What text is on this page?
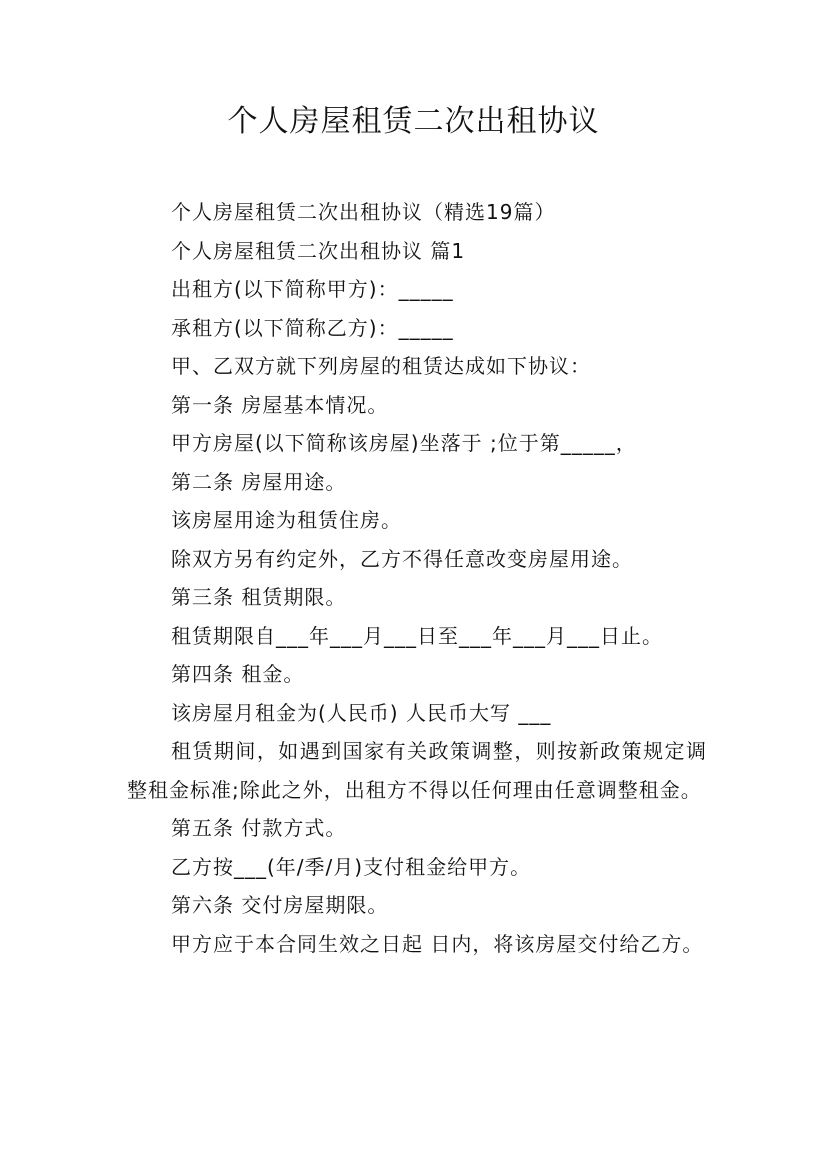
个人房屋租赁二次出租协议

个人房屋租赁二次出租协议（精选19篇）

个人房屋租赁二次出租协议 篇1

出租方(以下简称甲方)：_____

承租方(以下简称乙方)：_____

甲、乙双方就下列房屋的租赁达成如下协议：

第一条 房屋基本情况。

甲方房屋(以下简称该房屋)坐落于 ;位于第_____，

第二条 房屋用途。

该房屋用途为租赁住房。

除双方另有约定外，乙方不得任意改变房屋用途。

第三条 租赁期限。

租赁期限自___年___月___日至___年___月___日止。

第四条 租金。

该房屋月租金为(人民币) 人民币大写 ___

租赁期间，如遇到国家有关政策调整，则按新政策规定调整租金标准;除此之外，出租方不得以任何理由任意调整租金。

第五条 付款方式。

乙方按___(年/季/月)支付租金给甲方。

第六条 交付房屋期限。

甲方应于本合同生效之日起 日内，将该房屋交付给乙方。
